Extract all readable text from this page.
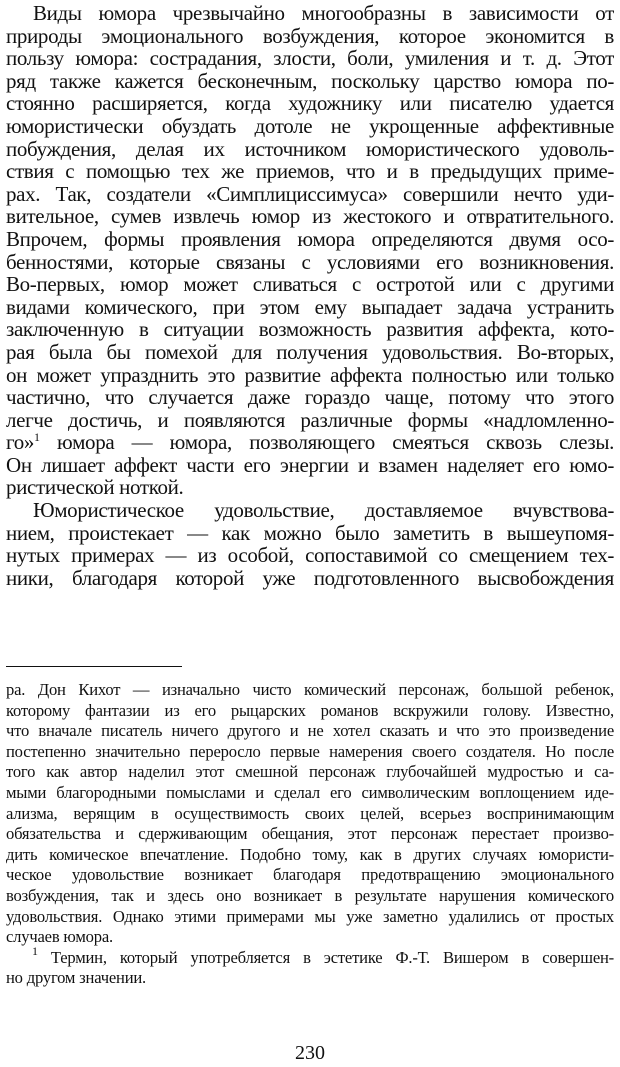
Виды юмора чрезвычайно многообразны в зависимости от
природы эмоционального возбуждения, которое экономится в
пользу юмора: сострадания, злости, боли, умиления и т. д. Этот
ряд также кажется бесконечным, поскольку царство юмора по-
стоянно расширяется, когда художнику или писателю удается
юмористически обуздать дотоле не укрощенные аффективные
побуждения, делая их источником юмористического удоволь-
ствия с помощью тех же приемов, что и в предыдущих приме-
рах. Так, создатели «Симплициссимуса» совершили нечто уди-
вительное, сумев извлечь юмор из жестокого и отвратительного.
Впрочем, формы проявления юмора определяются двумя осо-
бенностями, которые связаны с условиями его возникновения.
Во-первых, юмор может сливаться с остротой или с другими
видами комического, при этом ему выпадает задача устранить
заключенную в ситуации возможность развития аффекта, кото-
рая была бы помехой для получения удовольствия. Во-вторых,
он может упразднить это развитие аффекта полностью или только
частично, что случается даже гораздо чаще, потому что этого
легче достичь, и появляются различные формы «надломленно-
го»$^1$ юмора — юмора, позволяющего смеяться сквозь слезы.
Он лишает аффект части его энергии и взамен наделяет его юмо-
ристической ноткой.
Юмористическое удовольствие, доставляемое вчувствова-
нием, проистекает — как можно было заметить в вышеупомя-
нутых примерах — из особой, сопоставимой со смещением тех-
ники, благодаря которой уже подготовленного высвобождения
ра. Дон Кихот — изначально чисто комический персонаж, большой ребенок,
которому фантазии из его рыцарских романов вскружили голову. Известно,
что вначале писатель ничего другого и не хотел сказать и что это произведение
постепенно значительно переросло первые намерения своего создателя. Но после
того как автор наделил этот смешной персонаж глубочайшей мудростью и са-
мыми благородными помыслами и сделал его символическим воплощением иде-
ализма, верящим в осуществимость своих целей, всерьез воспринимающим
обязательства и сдерживающим обещания, этот персонаж перестает произво-
дить комическое впечатление. Подобно тому, как в других случаях юмористи-
ческое удовольствие возникает благодаря предотвращению эмоционального
возбуждения, так и здесь оно возникает в результате нарушения комического
удовольствия. Однако этими примерами мы уже заметно удалились от простых
случаев юмора.
$^1$ Термин, который употребляется в эстетике Ф.-Т. Вишером в совершен-
но другом значении.
230
